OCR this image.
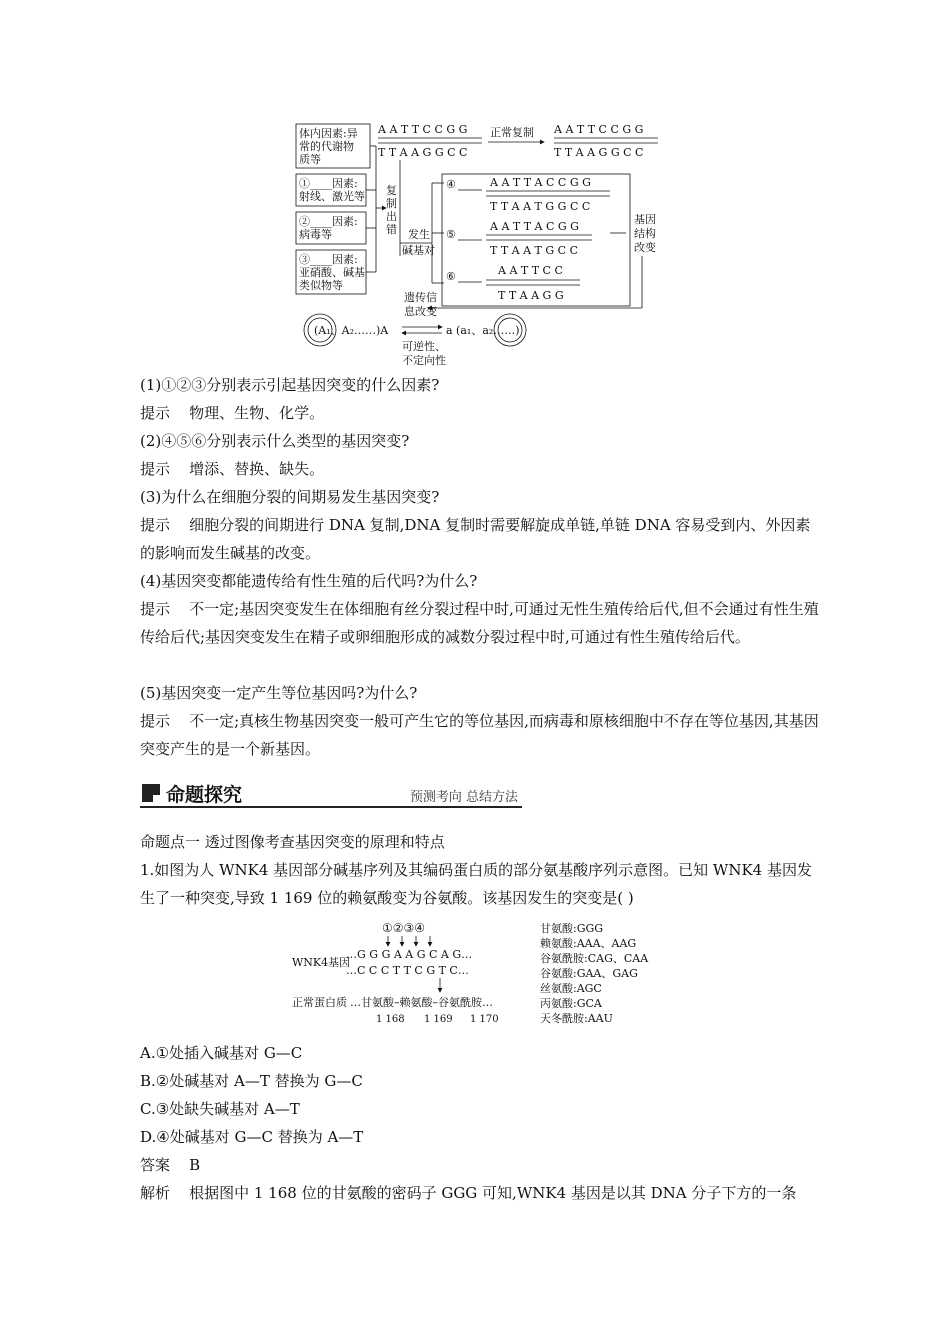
体内因素:异
常的代谢物
质等
①____因素:
射线、激光等
②____因素:
病毒等
③____因素:
亚硝酸、碱基
类似物等
A A T T C C G G
T T A A G G C C
正常复制 A A T T C C G G
T T A A G G C C
复
制
出
错 发生
碱基对
④	A A T T A C C G G
T T A A T G G C C
⑤
A A T T A C G G
T T A A T G C C
⑥	A A T T C C
T T A A G G
基因
结构
改变
遗传信
息改变
(A₁、A₂……)A	a (a₁、a₂……)
可逆性、
不定向性
(1)①②③分别表示引起基因突变的什么因素?
提示 物理、生物、化学。
(2)④⑤⑥分别表示什么类型的基因突变?
提示 增添、替换、缺失。
(3)为什么在细胞分裂的间期易发生基因突变?
提示 细胞分裂的间期进行 DNA 复制,DNA 复制时需要解旋成单链,单链 DNA 容易受到内、外因素的影响而发生碱基的改变。
(4)基因突变都能遗传给有性生殖的后代吗?为什么?
提示 不一定;基因突变发生在体细胞有丝分裂过程中时,可通过无性生殖传给后代,但不会通过有性生殖传给后代;基因突变发生在精子或卵细胞形成的减数分裂过程中时,可通过有性生殖传给后代。
(5)基因突变一定产生等位基因吗?为什么?
提示 不一定;真核生物基因突变一般可产生它的等位基因,而病毒和原核细胞中不存在等位基因,其基因突变产生的是一个新基因。
命题探究	预测考向 总结方法
命题点一 透过图像考查基因突变的原理和特点
1.如图为人 WNK4 基因部分碱基序列及其编码蛋白质的部分氨基酸序列示意图。已知 WNK4 基因发生了一种突变,导致 1 169 位的赖氨酸变为谷氨酸。该基因发生的突变是( )
①②③④
WNK4基因
…G G G A A G C A G…
…C C C T T C G T C…
正常蛋白质 …甘氨酸–赖氨酸–谷氨酰胺…
1 168 1 169 1 170
甘氨酸:GGG
赖氨酸:AAA、AAG
谷氨酰胺:CAG、CAA
谷氨酸:GAA、GAG
丝氨酸:AGC
丙氨酸:GCA
天冬酰胺:AAU
A.①处插入碱基对 G—C
B.②处碱基对 A—T 替换为 G—C
C.③处缺失碱基对 A—T
D.④处碱基对 G—C 替换为 A—T
答案 B
解析 根据图中 1 168 位的甘氨酸的密码子 GGG 可知,WNK4 基因是以其 DNA 分子下方的一条
